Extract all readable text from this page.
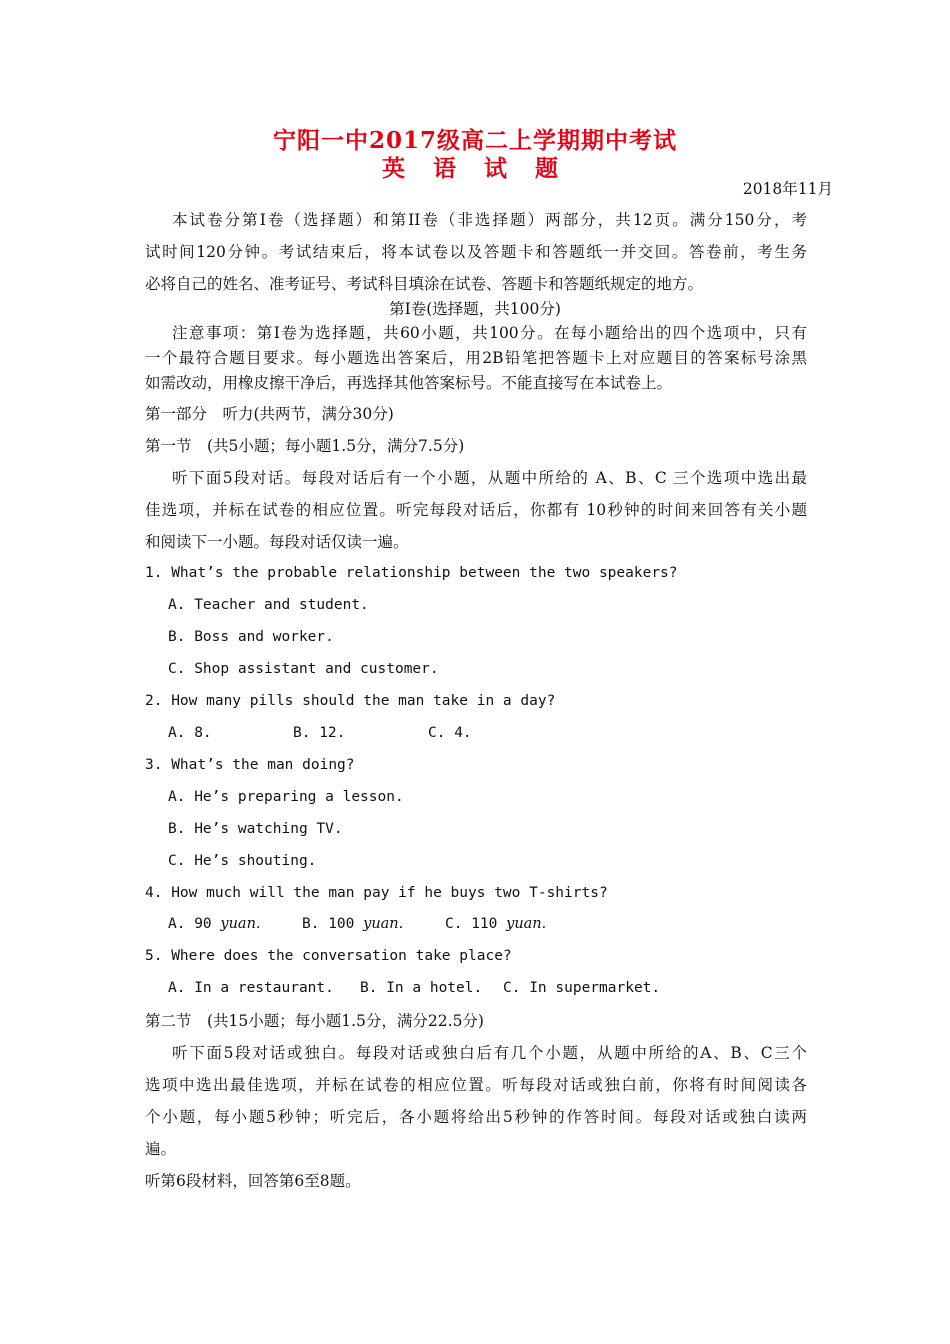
宁阳一中2017级高二上学期期中考试
英 语 试 题
2018年11月
本试卷分第I卷（选择题）和第II卷（非选择题）两部分，共12页。满分150分，考
试时间120分钟。考试结束后，将本试卷以及答题卡和答题纸一并交回。答卷前，考生务
必将自己的姓名、准考证号、考试科目填涂在试卷、答题卡和答题纸规定的地方。
第I卷(选择题，共100分)
注意事项：第I卷为选择题，共60小题，共100分。在每小题给出的四个选项中，只有
一个最符合题目要求。每小题选出答案后，用2B铅笔把答题卡上对应题目的答案标号涂黑
如需改动，用橡皮擦干净后，再选择其他答案标号。不能直接写在本试卷上。
第一部分　听力(共两节，满分30分)
第一节　(共5小题；每小题1.5分，满分7.5分)
听下面5段对话。每段对话后有一个小题，从题中所给的 A、B、C 三个选项中选出最
佳选项，并标在试卷的相应位置。听完每段对话后，你都有 10秒钟的时间来回答有关小题
和阅读下一小题。每段对话仅读一遍。
1. What’s the probable relationship between the two speakers?
A. Teacher and student.
B. Boss and worker.
C. Shop assistant and customer.
2. How many pills should the man take in a day?
A. 8.	B. 12.	C. 4.
3. What’s the man doing?
A. He’s preparing a lesson.
B. He’s watching TV.
C. He’s shouting.
4. How much will the man pay if he buys two T-shirts?
A. 90 yuan.	B. 100 yuan.	C. 110 yuan.
5. Where does the conversation take place?
A. In a restaurant. B. In a hotel. C. In supermarket.
第二节　(共15小题；每小题1.5分，满分22.5分)
听下面5段对话或独白。每段对话或独白后有几个小题，从题中所给的A、B、C三个
选项中选出最佳选项，并标在试卷的相应位置。听每段对话或独白前，你将有时间阅读各
个小题，每小题5秒钟；听完后，各小题将给出5秒钟的作答时间。每段对话或独白读两
遍。
听第6段材料，回答第6至8题。
